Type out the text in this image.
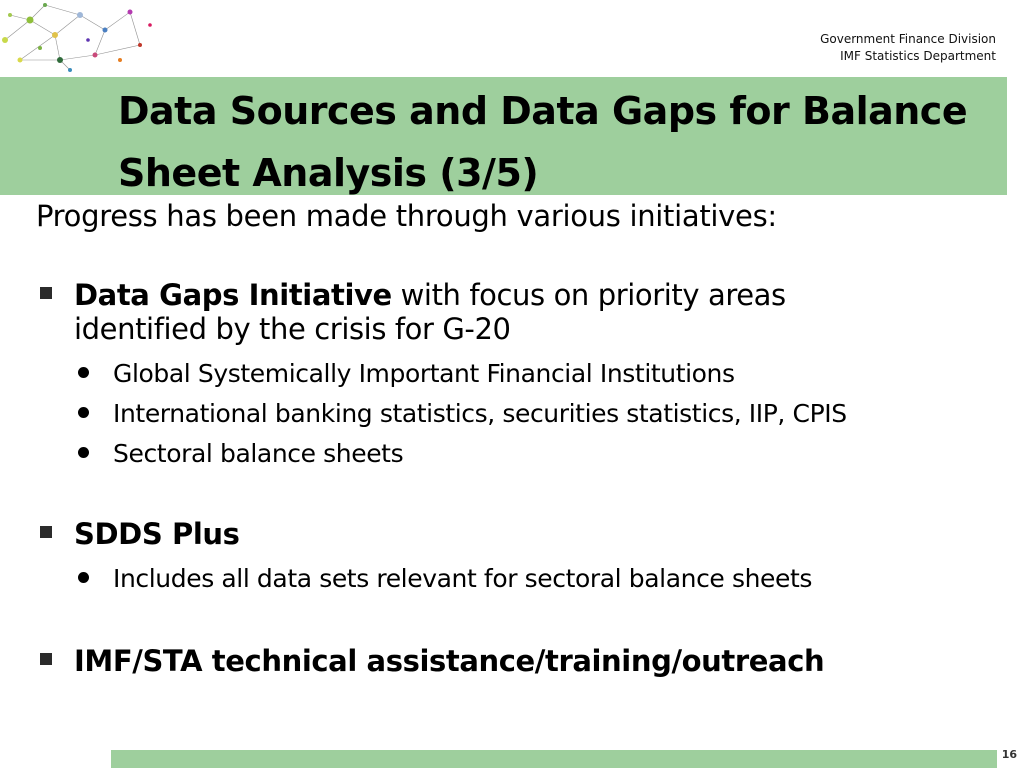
Government Finance Division
IMF Statistics Department
Data Sources and Data Gaps for Balance
Sheet Analysis (3/5)
Progress has been made through various initiatives:
Data Gaps Initiative with focus on priority areas
identified by the crisis for G-20
Global Systemically Important Financial Institutions
International banking statistics, securities statistics, IIP, CPIS
Sectoral balance sheets
SDDS Plus
Includes all data sets relevant for sectoral balance sheets
IMF/STA technical assistance/training/outreach
16
